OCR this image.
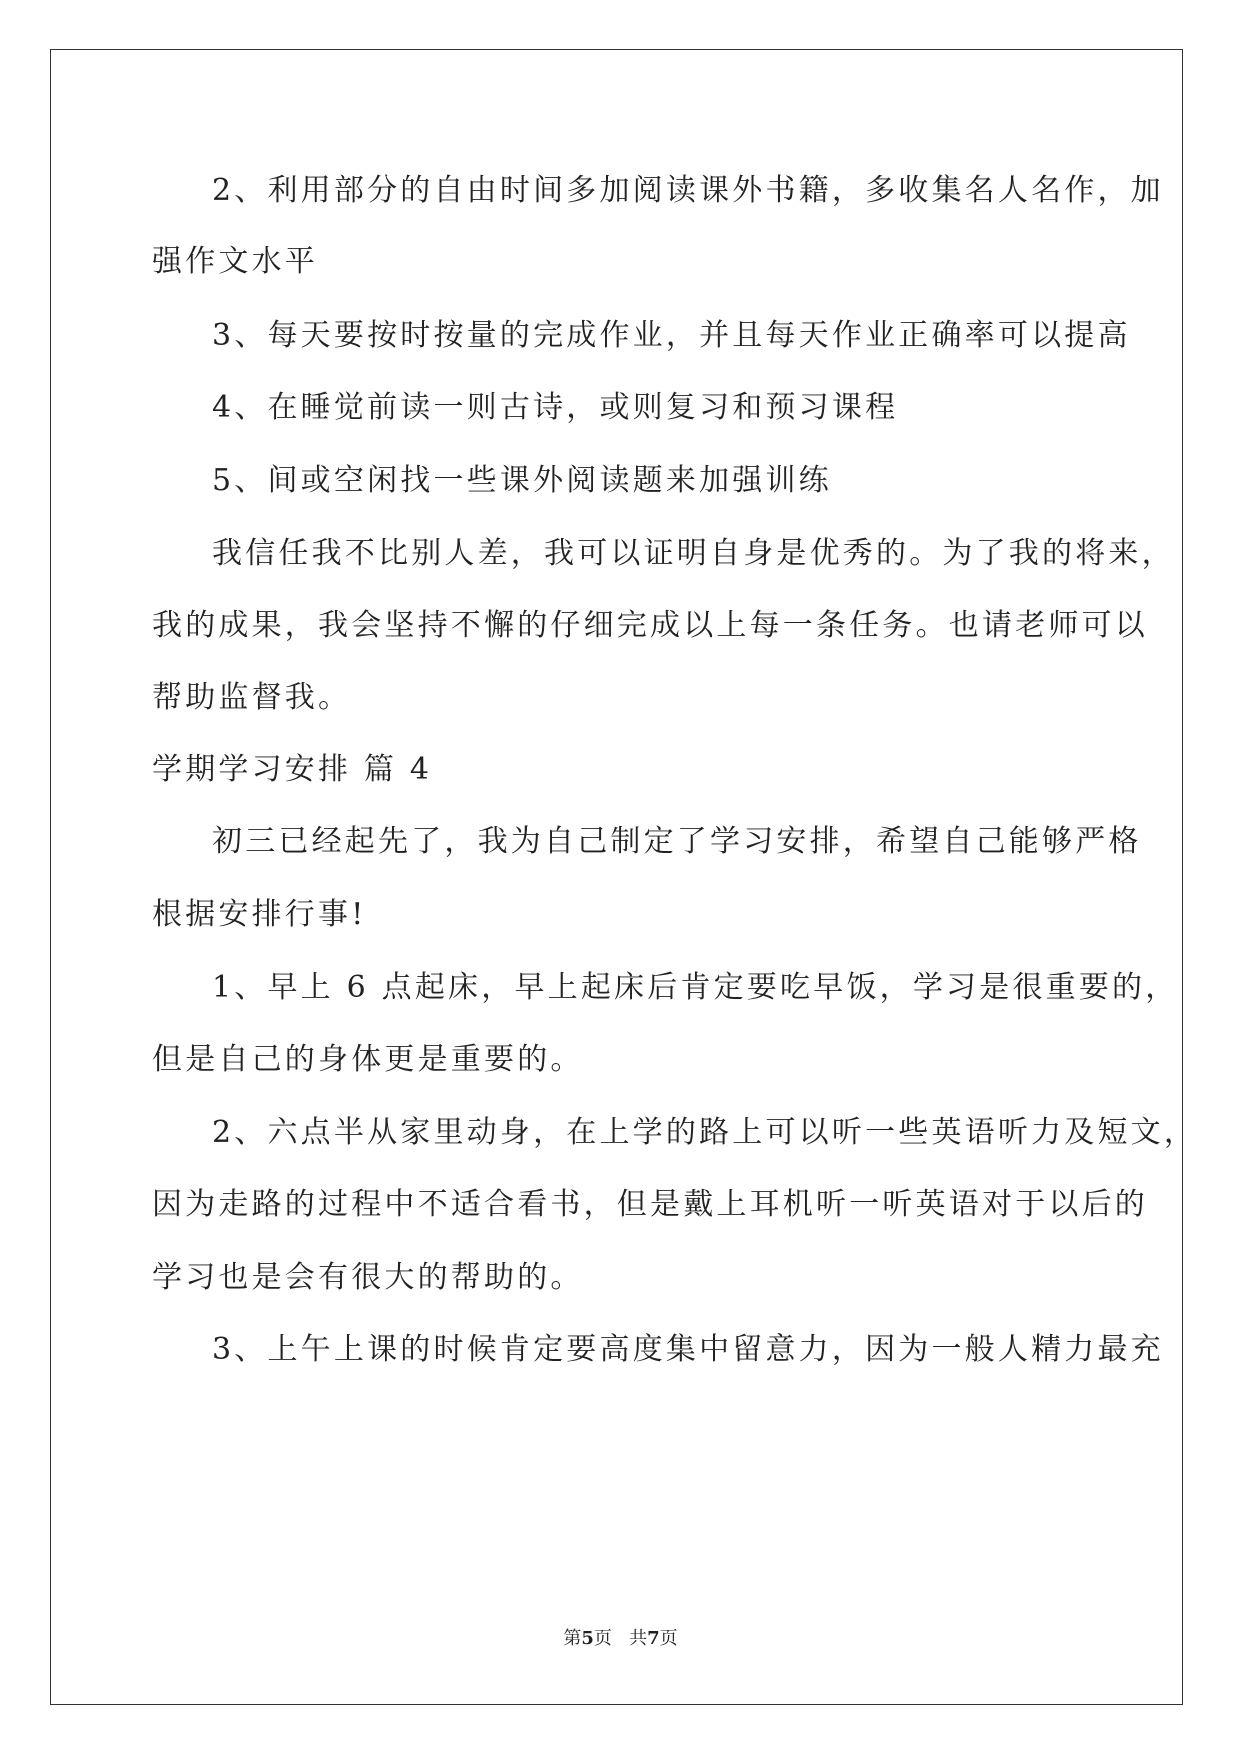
2、利用部分的自由时间多加阅读课外书籍，多收集名人名作，加
强作文水平
3、每天要按时按量的完成作业，并且每天作业正确率可以提高
4、在睡觉前读一则古诗，或则复习和预习课程
5、间或空闲找一些课外阅读题来加强训练
我信任我不比别人差，我可以证明自身是优秀的。为了我的将来，
我的成果，我会坚持不懈的仔细完成以上每一条任务。也请老师可以
帮助监督我。
学期学习安排 篇 4
初三已经起先了，我为自己制定了学习安排，希望自己能够严格
根据安排行事!
1、早上 6 点起床，早上起床后肯定要吃早饭，学习是很重要的，
但是自己的身体更是重要的。
2、六点半从家里动身，在上学的路上可以听一些英语听力及短文，
因为走路的过程中不适合看书，但是戴上耳机听一听英语对于以后的
学习也是会有很大的帮助的。
3、上午上课的时候肯定要高度集中留意力，因为一般人精力最充
第5页 共7页
